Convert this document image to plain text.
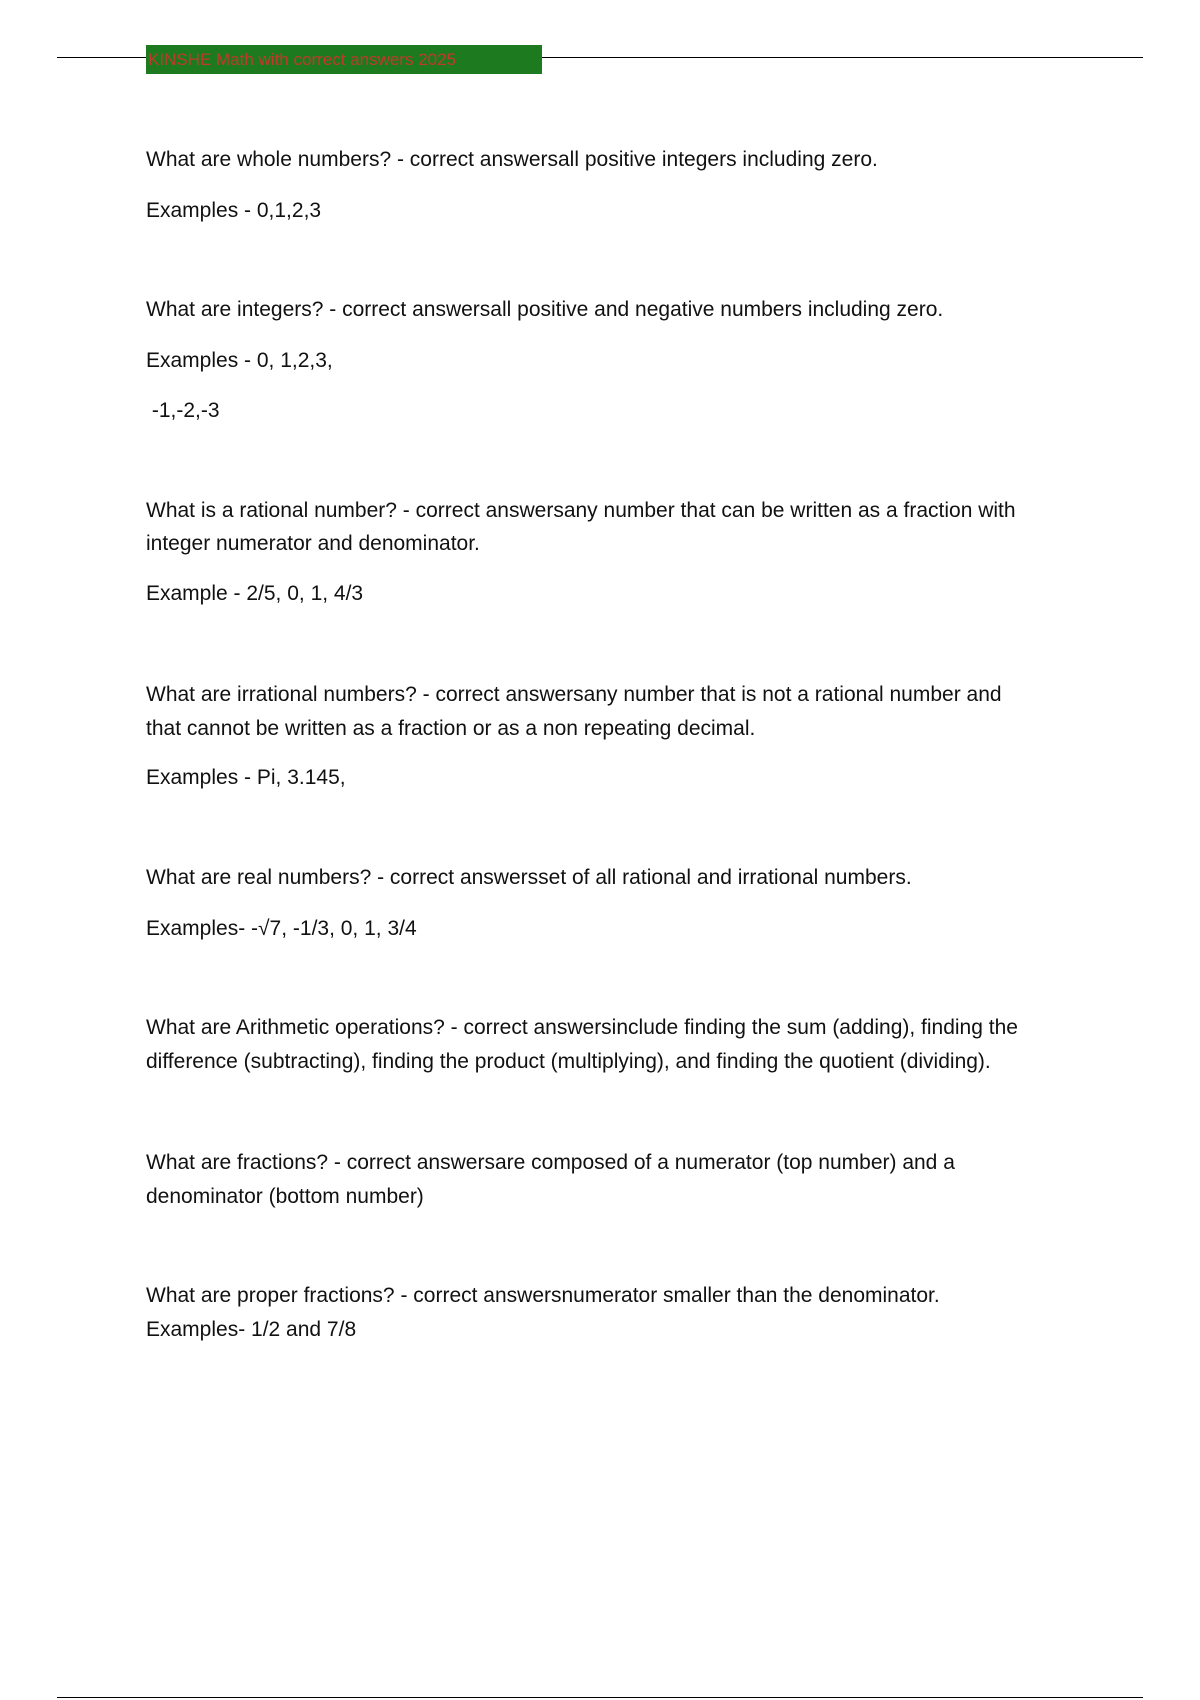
KINSHE Math with correct answers 2025
What are whole numbers? - correct answersall positive integers including zero.
Examples - 0,1,2,3
What are integers? - correct answersall positive and negative numbers including zero.
Examples - 0, 1,2,3,
-1,-2,-3
What is a rational number? - correct answersany number that can be written as a fraction with
integer numerator and denominator.
Example - 2/5, 0, 1, 4/3
What are irrational numbers? - correct answersany number that is not a rational number and
that cannot be written as a fraction or as a non repeating decimal.
Examples - Pi, 3.145,
What are real numbers? - correct answersset of all rational and irrational numbers.
Examples- -√7, -1/3, 0, 1, 3/4
What are Arithmetic operations? - correct answersinclude finding the sum (adding), finding the
difference (subtracting), finding the product (multiplying), and finding the quotient (dividing).
What are fractions? - correct answersare composed of a numerator (top number) and a
denominator (bottom number)
What are proper fractions? - correct answersnumerator smaller than the denominator.
Examples- 1/2 and 7/8
